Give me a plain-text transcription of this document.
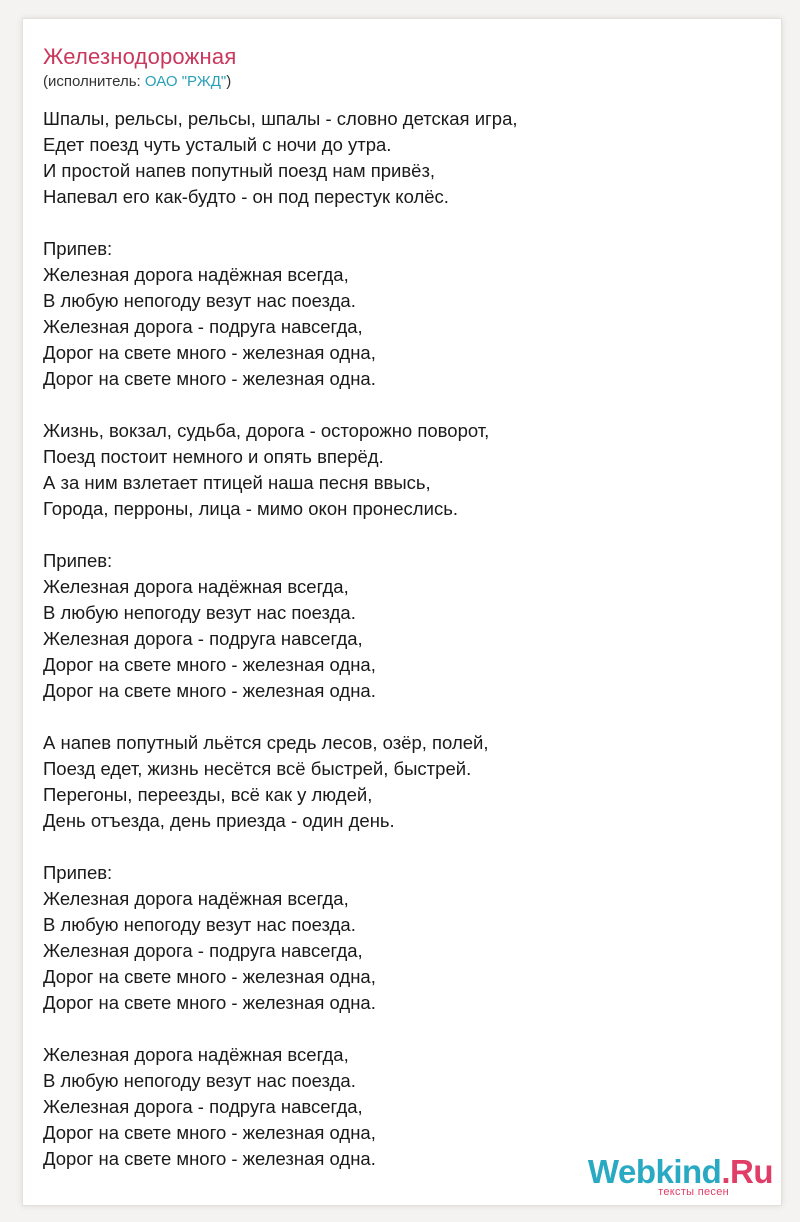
Железнодорожная
(исполнитель: ОАО "РЖД")
Шпалы, рельсы, рельсы, шпалы - словно детская игра,
Едет поезд чуть усталый с ночи до утра.
И простой напев попутный поезд нам привёз,
Напевал его как-будто - он под перестук колёс.
Припев:
Железная дорога надёжная всегда,
В любую непогоду везут нас поезда.
Железная дорога - подруга навсегда,
Дорог на свете много - железная одна,
Дорог на свете много - железная одна.
Жизнь, вокзал, судьба, дорога - осторожно поворот,
Поезд постоит немного и опять вперёд.
А за ним взлетает птицей наша песня ввысь,
Города, перроны, лица - мимо окон пронеслись.
Припев:
Железная дорога надёжная всегда,
В любую непогоду везут нас поезда.
Железная дорога - подруга навсегда,
Дорог на свете много - железная одна,
Дорог на свете много - железная одна.
А напев попутный льётся средь лесов, озёр, полей,
Поезд едет, жизнь несётся всё быстрей, быстрей.
Перегоны, переезды, всё как у людей,
День отъезда, день приезда - один день.
Припев:
Железная дорога надёжная всегда,
В любую непогоду везут нас поезда.
Железная дорога - подруга навсегда,
Дорог на свете много - железная одна,
Дорог на свете много - железная одна.
Железная дорога надёжная всегда,
В любую непогоду везут нас поезда.
Железная дорога - подруга навсегда,
Дорог на свете много - железная одна,
Дорог на свете много - железная одна.	Webkind.Ru
тексты песен
